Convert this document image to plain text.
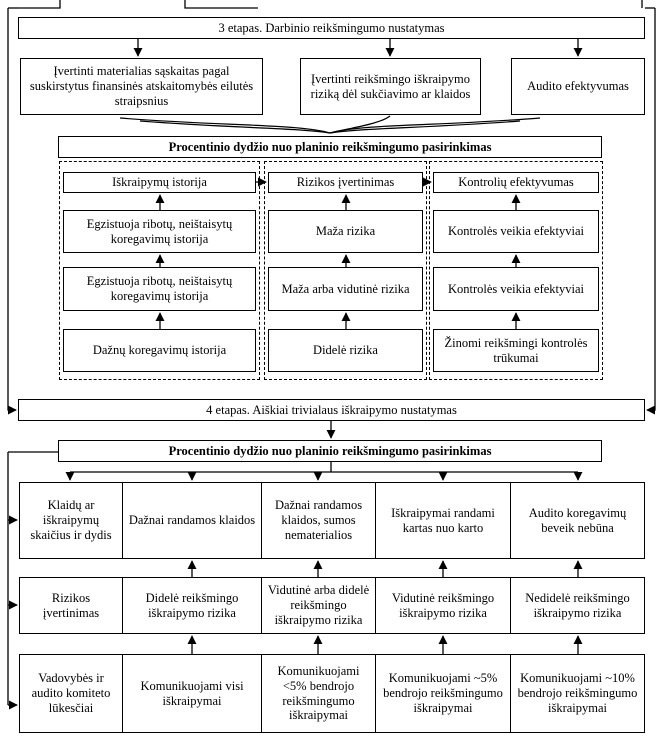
3 etapas. Darbinio reikšmingumo nustatymas
Įvertinti materialias sąskaitas pagal suskirstytus finansinės atskaitomybės eilutės straipsnius
Įvertinti reikšmingo iškraipymo riziką dėl sukčiavimo ar klaidos
Audito efektyvumas
Procentinio dydžio nuo planinio reikšmingumo pasirinkimas
Iškraipymų istorija
Egzistuoja ribotų, neištaisytų koregavimų istorija
Egzistuoja ribotų, neištaisytų koregavimų istorija
Dažnų koregavimų istorija
Rizikos įvertinimas
Maža rizika
Maža arba vidutinė rizika
Didelė rizika
Kontrolių efektyvumas
Kontrolės veikia efektyviai
Kontrolės veikia efektyviai
Žinomi reikšmingi kontrolės trūkumai
4 etapas. Aiškiai trivialaus iškraipymo nustatymas
Procentinio dydžio nuo planinio reikšmingumo pasirinkimas
Klaidų ar iškraipymų skaičius ir dydis
Dažnai randamos klaidos
Dažnai randamos klaidos, sumos nematerialios
Iškraipymai randami kartas nuo karto
Audito koregavimų beveik nebūna
Rizikos įvertinimas
Didelė reikšmingo iškraipymo rizika
Vidutinė arba didelė reikšmingo iškraipymo rizika
Vidutinė reikšmingo iškraipymo rizika
Nedidelė reikšmingo iškraipymo rizika
Vadovybės ir audito komiteto lūkesčiai
Komunikuojami visi iškraipymai
Komunikuojami <5% bendrojo reikšmingumo iškraipymai
Komunikuojami ~5% bendrojo reikšmingumo iškraipymai
Komunikuojami ~10% bendrojo reikšmingumo iškraipymai
